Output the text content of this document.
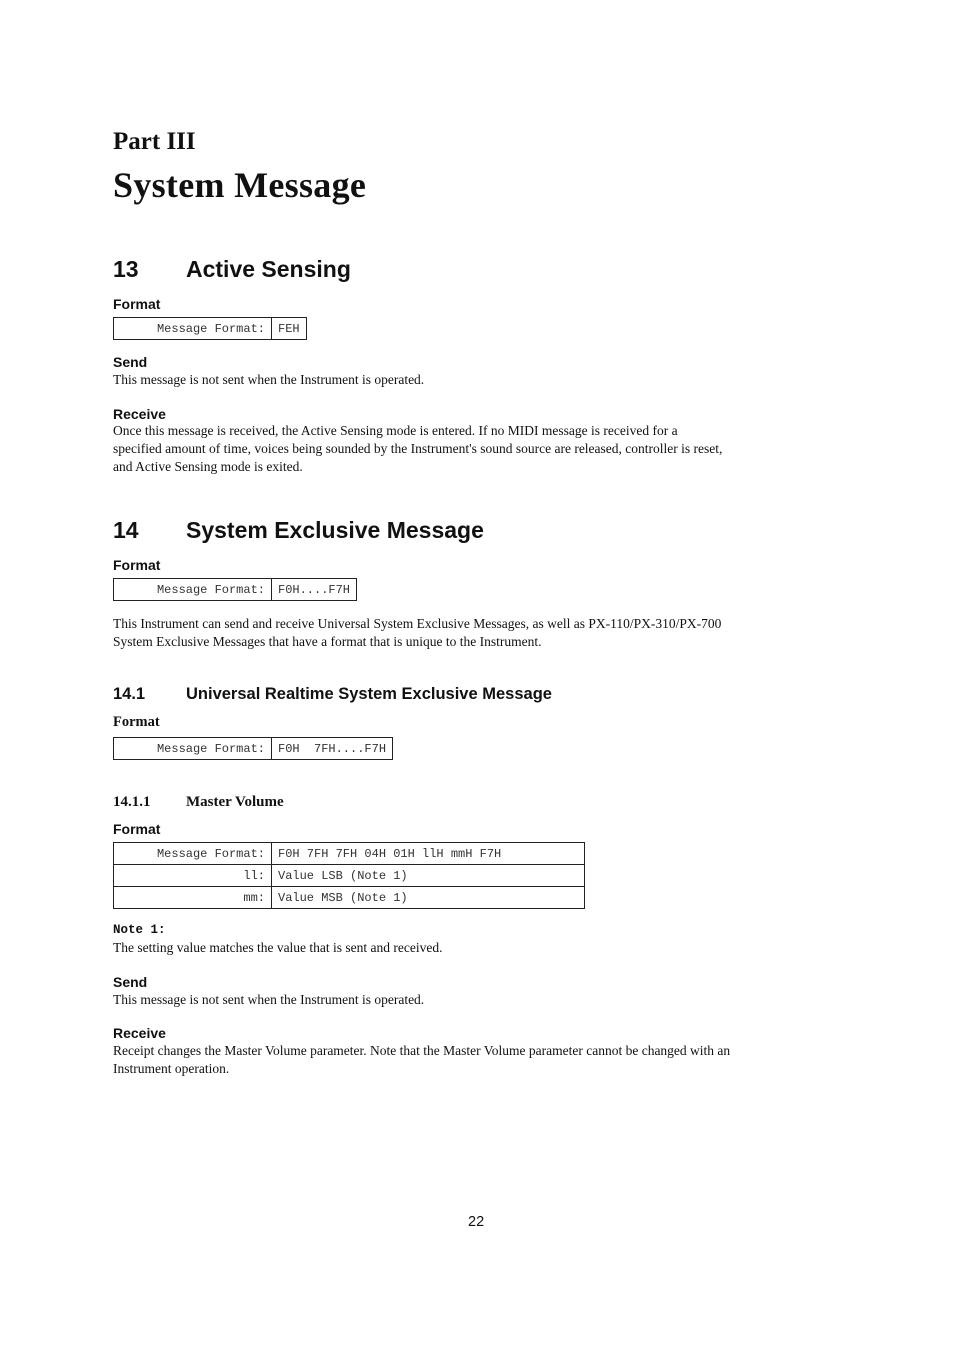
Part III
System Message
13 Active Sensing
Format
Message Format:	FEH
Send
This message is not sent when the Instrument is operated.
Receive
Once this message is received, the Active Sensing mode is entered. If no MIDI message is received for a
specified amount of time, voices being sounded by the Instrument's sound source are released, controller is reset,
and Active Sensing mode is exited.
14 System Exclusive Message
Format
Message Format:	F0H....F7H
This Instrument can send and receive Universal System Exclusive Messages, as well as PX-110/PX-310/PX-700
System Exclusive Messages that have a format that is unique to the Instrument.
14.1 Universal Realtime System Exclusive Message
Format
Message Format:	F0H  7FH....F7H
14.1.1 Master Volume
Format
Message Format:	F0H 7FH 7FH 04H 01H llH mmH F7H
ll:	Value LSB (Note 1)
mm:	Value MSB (Note 1)
Note 1:
The setting value matches the value that is sent and received.
Send
This message is not sent when the Instrument is operated.
Receive
Receipt changes the Master Volume parameter. Note that the Master Volume parameter cannot be changed with an
Instrument operation.
22
